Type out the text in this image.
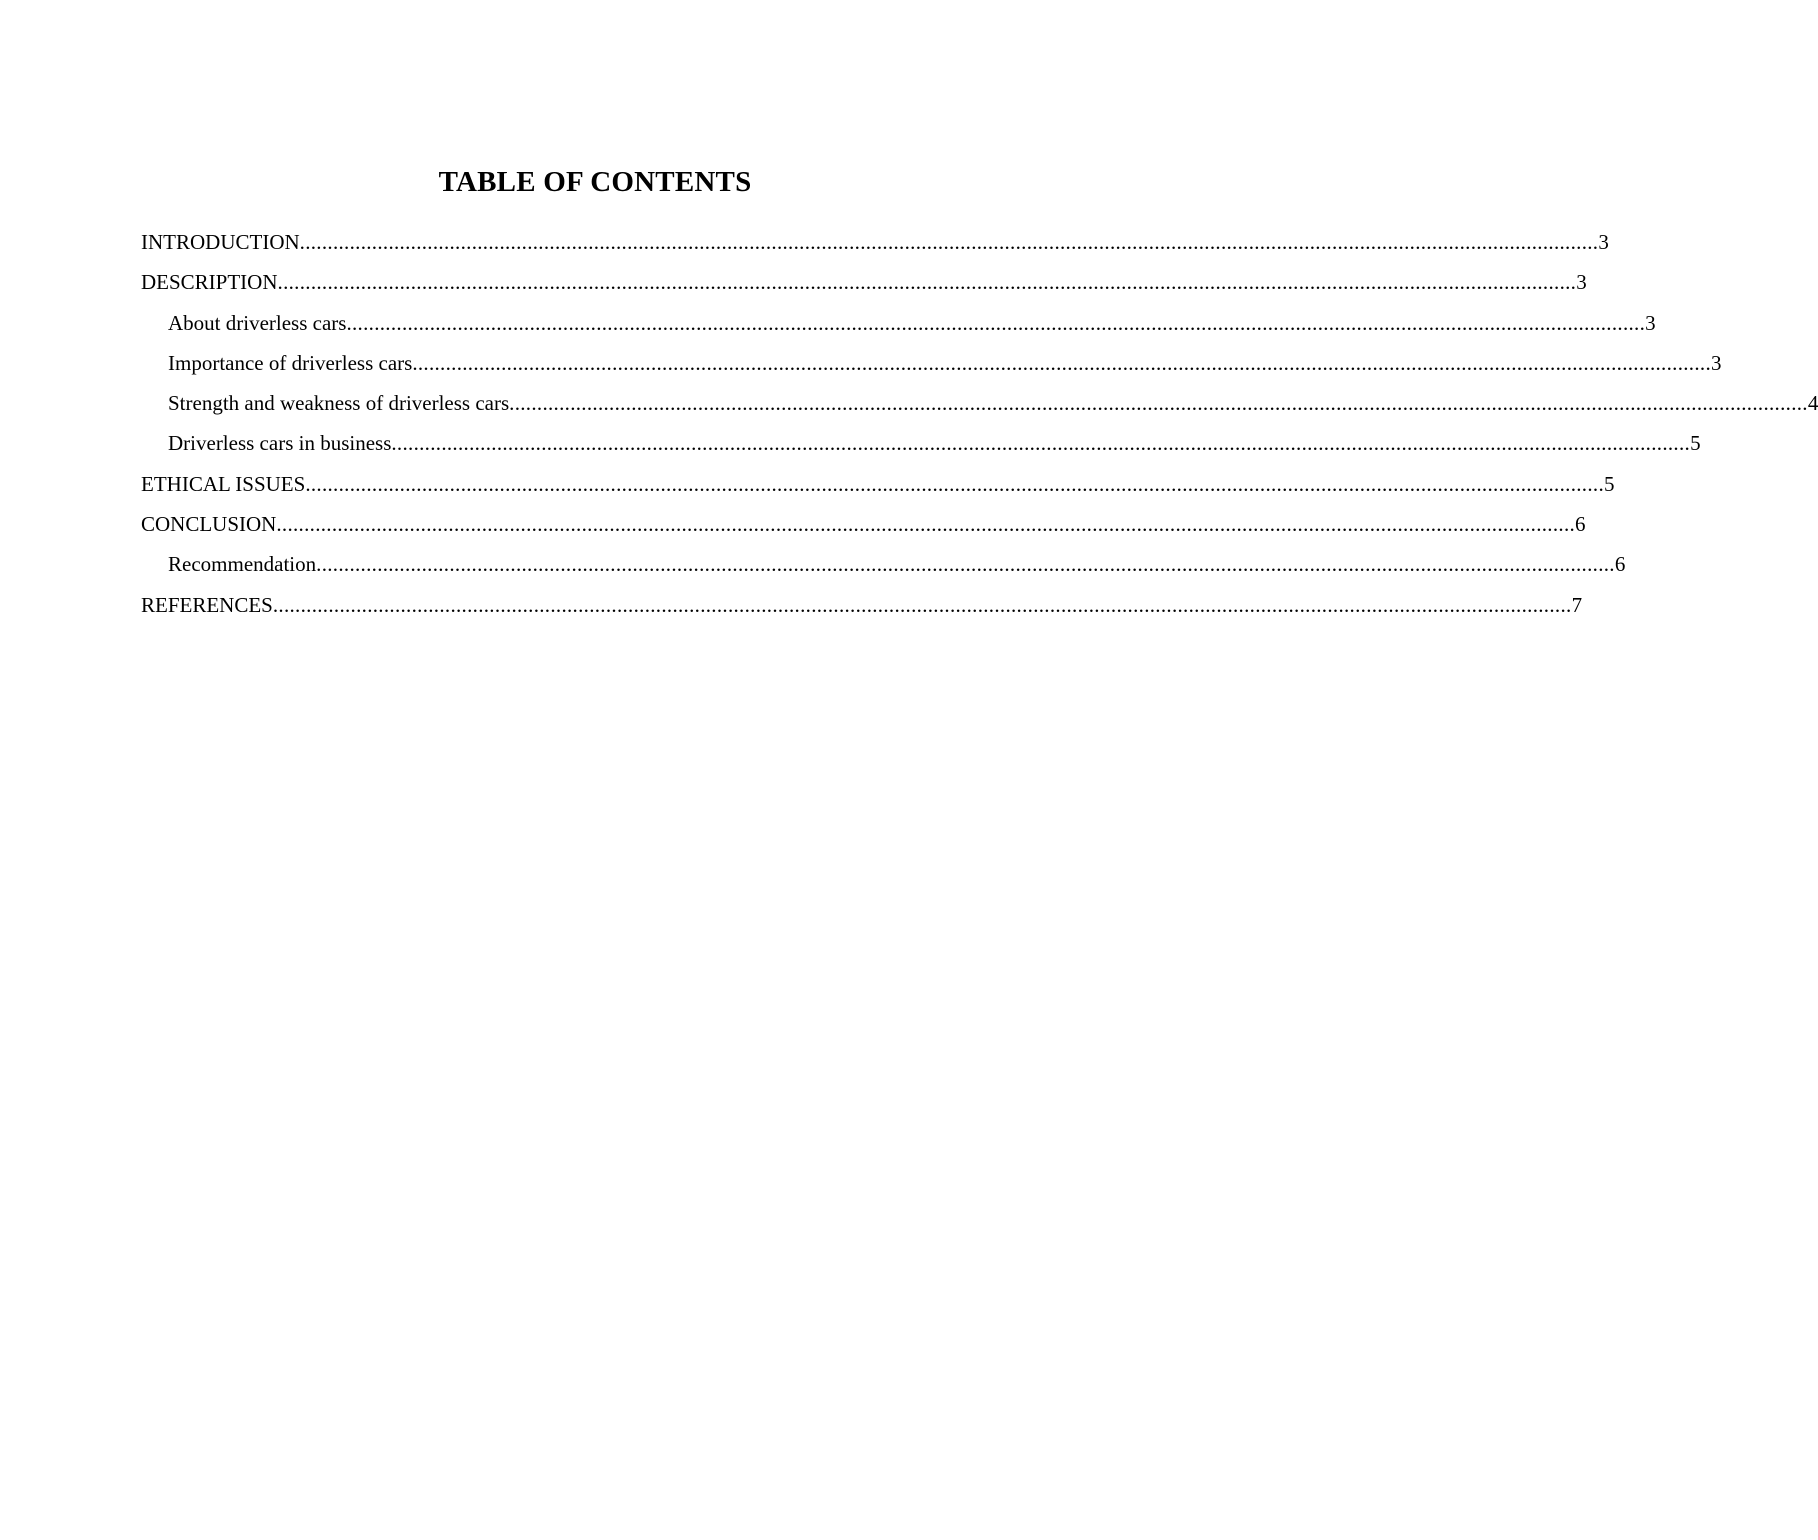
TABLE OF CONTENTS
INTRODUCTION .......................................................................................................................................................................................................................................... 3
DESCRIPTION .......................................................................................................................................................................................................................................... 3
About driverless cars .......................................................................................................................................................................................................................................... 3
Importance of driverless cars .......................................................................................................................................................................................................................................... 3
Strength and weakness of driverless cars .......................................................................................................................................................................................................................................... 4
Driverless cars in business .......................................................................................................................................................................................................................................... 5
ETHICAL ISSUES .......................................................................................................................................................................................................................................... 5
CONCLUSION .......................................................................................................................................................................................................................................... 6
Recommendation .......................................................................................................................................................................................................................................... 6
REFERENCES .......................................................................................................................................................................................................................................... 7
